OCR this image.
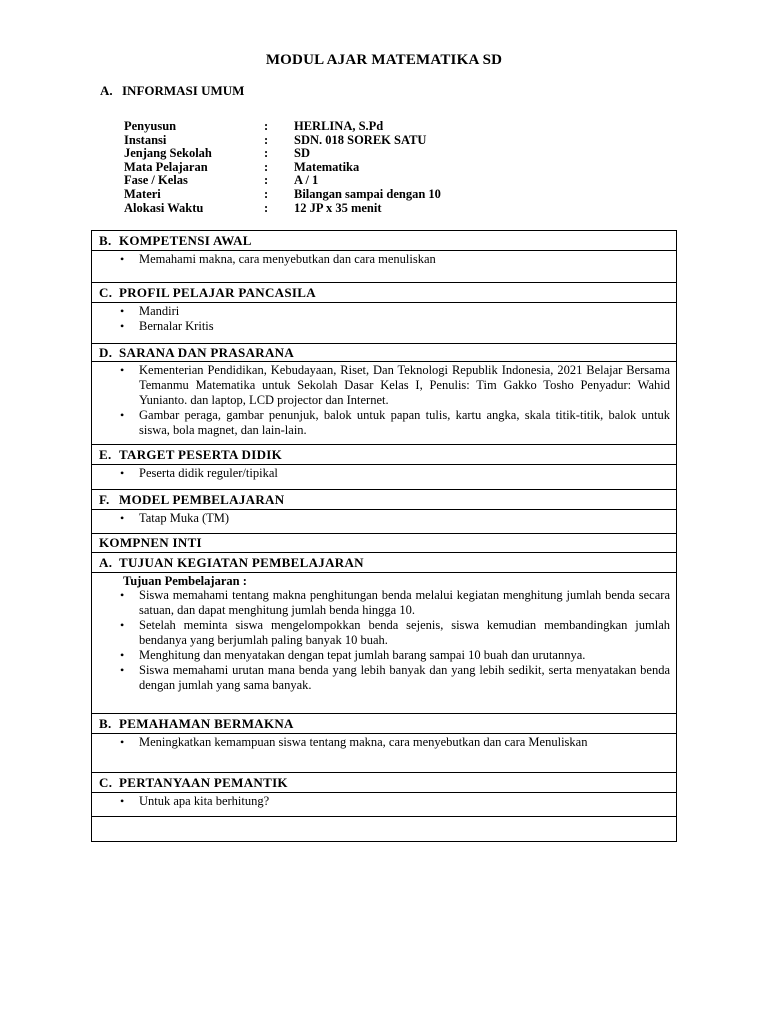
MODUL AJAR MATEMATIKA SD
A. INFORMASI UMUM
Penyusun	:	HERLINA, S.Pd
Instansi	:	SDN. 018 SOREK SATU
Jenjang Sekolah	:	SD
Mata Pelajaran	:	Matematika
Fase / Kelas	:	A / 1
Materi	:	Bilangan sampai dengan 10
Alokasi Waktu	:	12 JP x 35 menit
B. KOMPETENSI AWAL
• Memahami makna, cara menyebutkan dan cara menuliskan
C. PROFIL PELAJAR PANCASILA
• Mandiri
• Bernalar Kritis
D. SARANA DAN PRASARANA
• Kementerian Pendidikan, Kebudayaan, Riset, Dan Teknologi Republik Indonesia, 2021 Belajar Bersama Temanmu Matematika untuk Sekolah Dasar Kelas I, Penulis: Tim Gakko Tosho Penyadur: Wahid Yunianto. dan laptop, LCD projector dan Internet.
• Gambar peraga, gambar penunjuk, balok untuk papan tulis, kartu angka, skala titik-titik, balok untuk siswa, bola magnet, dan lain-lain.
E. TARGET PESERTA DIDIK
• Peserta didik reguler/tipikal
F. MODEL PEMBELAJARAN
• Tatap Muka (TM)
KOMPNEN INTI
A. TUJUAN KEGIATAN PEMBELAJARAN
Tujuan Pembelajaran :
• Siswa memahami tentang makna penghitungan benda melalui kegiatan menghitung jumlah benda secara satuan, dan dapat menghitung jumlah benda hingga 10.
• Setelah meminta siswa mengelompokkan benda sejenis, siswa kemudian membandingkan jumlah bendanya yang berjumlah paling banyak 10 buah.
• Menghitung dan menyatakan dengan tepat jumlah barang sampai 10 buah dan urutannya.
• Siswa memahami urutan mana benda yang lebih banyak dan yang lebih sedikit, serta menyatakan benda dengan jumlah yang sama banyak.
B. PEMAHAMAN BERMAKNA
• Meningkatkan kemampuan siswa tentang makna, cara menyebutkan dan cara Menuliskan
C. PERTANYAAN PEMANTIK
• Untuk apa kita berhitung?
